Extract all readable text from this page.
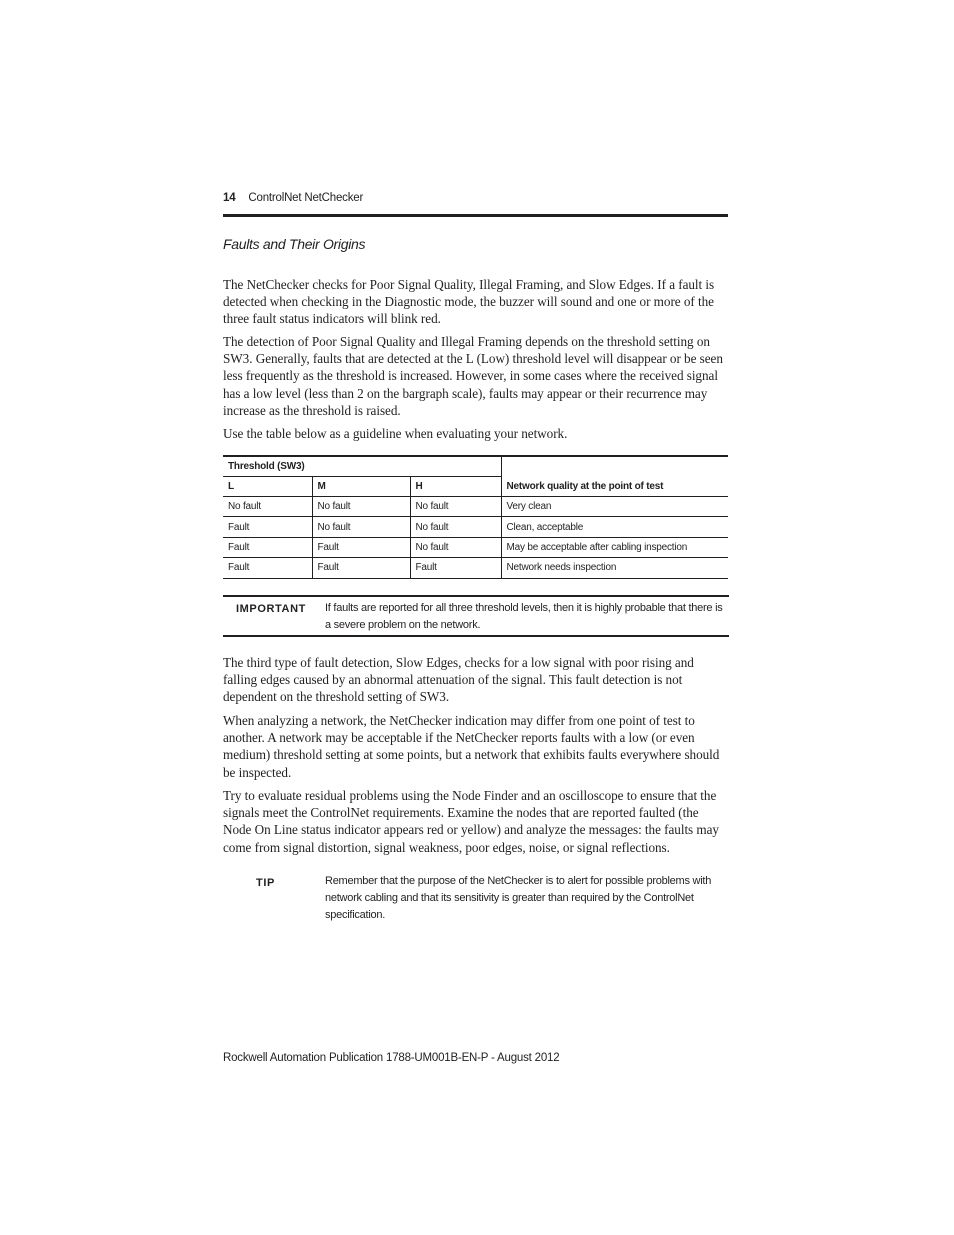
14 ControlNet NetChecker
Faults and Their Origins

The NetChecker checks for Poor Signal Quality, Illegal Framing, and Slow Edges. If a fault is detected when checking in the Diagnostic mode, the buzzer will sound and one or more of the three fault status indicators will blink red.

The detection of Poor Signal Quality and Illegal Framing depends on the threshold setting on SW3. Generally, faults that are detected at the L (Low) threshold level will disappear or be seen less frequently as the threshold is increased. However, in some cases where the received signal has a low level (less than 2 on the bargraph scale), faults may appear or their recurrence may increase as the threshold is raised.

Use the table below as a guideline when evaluating your network.

Threshold (SW3)			Network quality at the point of test
L	M	H	
No fault	No fault	No fault	Very clean
Fault	No fault	No fault	Clean, acceptable
Fault	Fault	No fault	May be acceptable after cabling inspection
Fault	Fault	Fault	Network needs inspection
IMPORTANT If faults are reported for all three threshold levels, then it is highly probable that there is a severe problem on the network.

The third type of fault detection, Slow Edges, checks for a low signal with poor rising and falling edges caused by an abnormal attenuation of the signal. This fault detection is not dependent on the threshold setting of SW3.

When analyzing a network, the NetChecker indication may differ from one point of test to another. A network may be acceptable if the NetChecker reports faults with a low (or even medium) threshold setting at some points, but a network that exhibits faults everywhere should be inspected.

Try to evaluate residual problems using the Node Finder and an oscilloscope to ensure that the signals meet the ControlNet requirements. Examine the nodes that are reported faulted (the Node On Line status indicator appears red or yellow) and analyze the messages: the faults may come from signal distortion, signal weakness, poor edges, noise, or signal reflections.

TIP	Remember that the purpose of the NetChecker is to alert for possible problems with network cabling and that its sensitivity is greater than required by the ControlNet specification.
Rockwell Automation Publication 1788-UM001B-EN-P - August 2012
